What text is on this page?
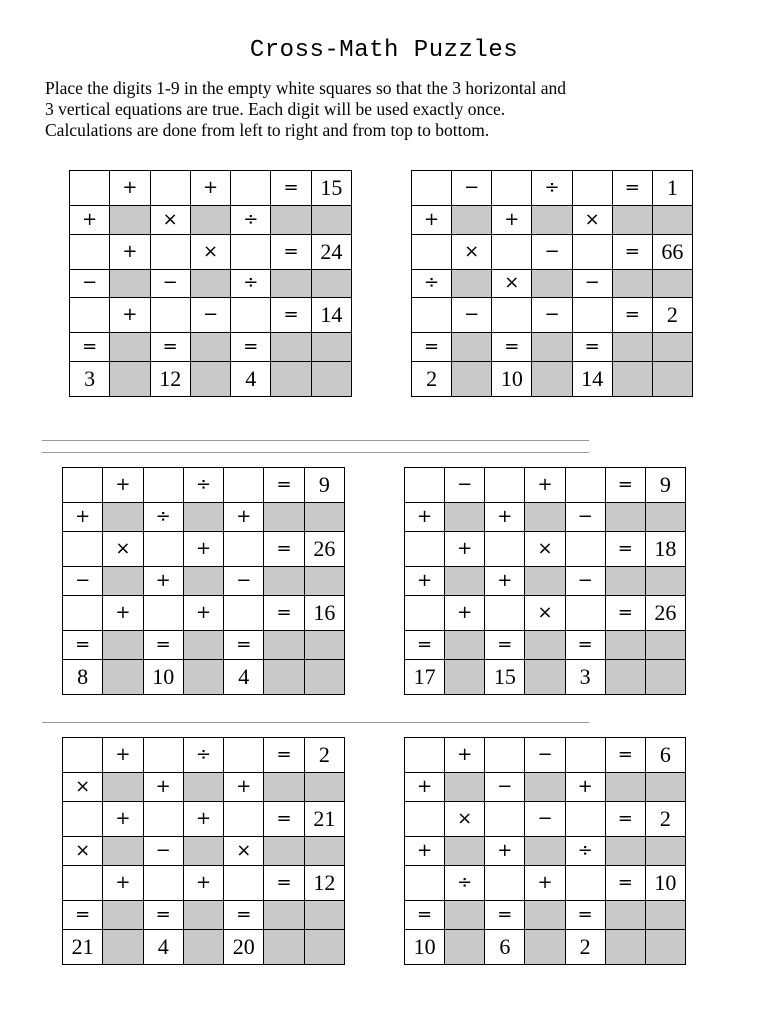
Cross-Math Puzzles
Place the digits 1-9 in the empty white squares so that the 3 horizontal and
3 vertical equations are true. Each digit will be used exactly once.
Calculations are done from left to right and from top to bottom.
	+		+		=	15
+		×		÷		
	+		×		=	24
−		−		÷		
	+		−		=	14
=		=		=		
3		12		4		
	−		÷		=	1
+		+		×		
	×		−		=	66
÷		×		−		
	−		−		=	2
=		=		=		
2		10		14		
	+		÷		=	9
+		÷		+		
	×		+		=	26
−		+		−		
	+		+		=	16
=		=		=		
8		10		4		
	−		+		=	9
+		+		−		
	+		×		=	18
+		+		−		
	+		×		=	26
=		=		=		
17		15		3		
	+		÷		=	2
×		+		+		
	+		+		=	21
×		−		×		
	+		+		=	12
=		=		=		
21		4		20		
	+		−		=	6
+		−		+		
	×		−		=	2
+		+		÷		
	÷		+		=	10
=		=		=		
10		6		2		
